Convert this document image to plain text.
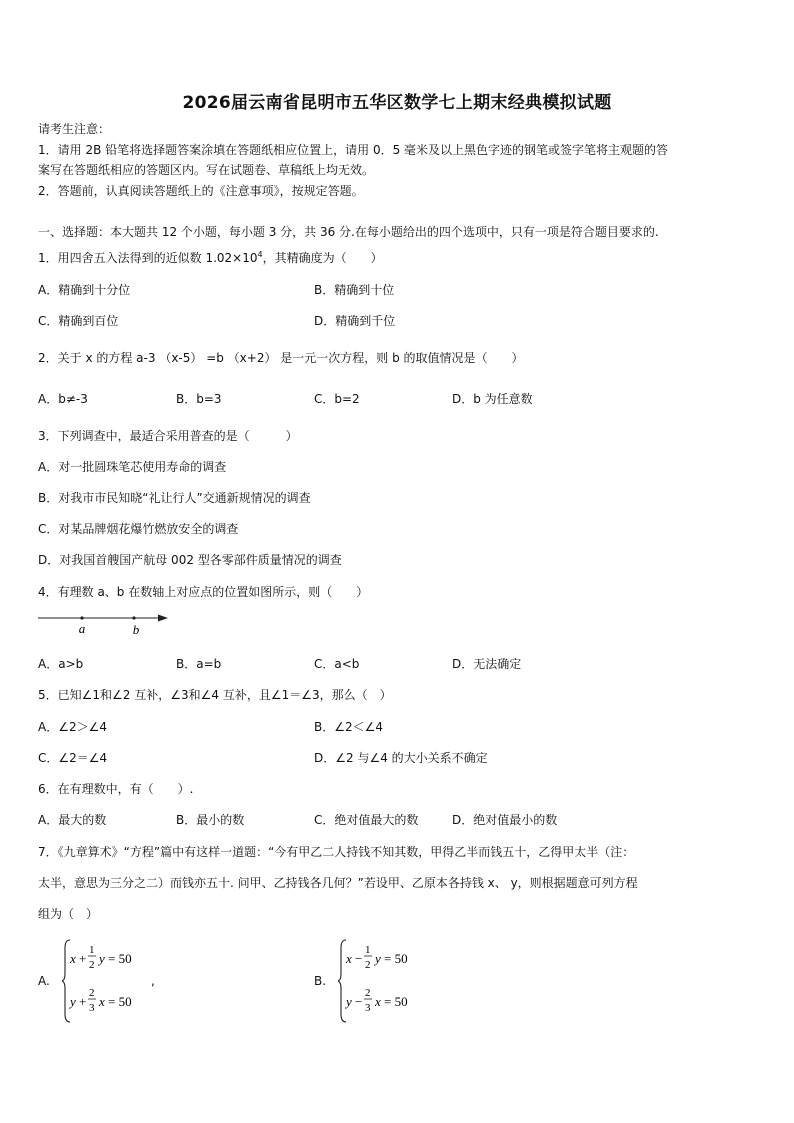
2026届云南省昆明市五华区数学七上期末经典模拟试题
请考生注意：
1．请用 2B 铅笔将选择题答案涂填在答题纸相应位置上，请用 0．5 毫米及以上黑色字迹的钢笔或签字笔将主观题的答
案写在答题纸相应的答题区内。写在试题卷、草稿纸上均无效。
2．答题前，认真阅读答题纸上的《注意事项》，按规定答题。
一、选择题：本大题共 12 个小题，每小题 3 分，共 36 分.在每小题给出的四个选项中，只有一项是符合题目要求的.
1．用四舍五入法得到的近似数 $1.02\times 10^4$，其精确度为（　　）
A．精确到十分位	B．精确到十位
C．精确到百位	D．精确到千位
2．关于 x 的方程 a-3 （x-5） =b （x+2） 是一元一次方程，则 b 的取值情况是（　　）
A．b≠-3	B．b=3	C．b=2	D．b 为任意数
3．下列调查中，最适合采用普查的是（　　　）
A．对一批圆珠笔芯使用寿命的调查
B．对我市市民知晓“礼让行人”交通新规情况的调查
C．对某品牌烟花爆竹燃放安全的调查
D．对我国首艘国产航母 002 型各零部件质量情况的调查
4．有理数 a、b 在数轴上对应点的位置如图所示，则（　　）
a	b
A．a>b	B．a=b	C．a<b	D．无法确定
5．已知∠1和∠2 互补，∠3和∠4 互补，且∠1＝∠3，那么（　）
A．∠2＞∠4	B．∠2＜∠4
C．∠2＝∠4	D．∠2 与∠4 的大小关系不确定
6．在有理数中，有（　　）.
A．最大的数	B．最小的数	C．绝对值最大的数	D．绝对值最小的数
7．《九章算术》“方程”篇中有这样一道题：“今有甲乙二人持钱不知其数，甲得乙半而钱五十，乙得甲太半（注：
太半，意思为三分之二）而钱亦五十. 问甲、乙持钱各几何？”若设甲、乙原本各持钱 x、 y，则根据题意可列方程
组为（　）
A.
x +
1
2 y = 50
y +
2
3 x = 50
,	B.
x −
1
2 y = 50
y −
2
3 x = 50
